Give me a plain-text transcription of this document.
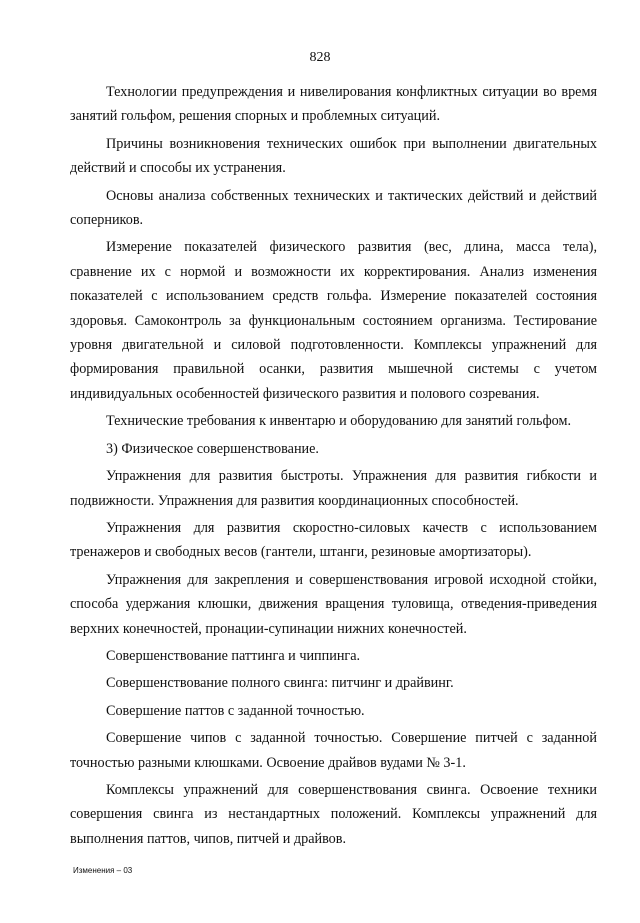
828

Технологии предупреждения и нивелирования конфликтных ситуации во время занятий гольфом, решения спорных и проблемных ситуаций.

Причины возникновения технических ошибок при выполнении двигательных действий и способы их устранения.

Основы анализа собственных технических и тактических действий и действий соперников.

Измерение показателей физического развития (вес, длина, масса тела), сравнение их с нормой и возможности их корректирования. Анализ изменения показателей с использованием средств гольфа. Измерение показателей состояния здоровья. Самоконтроль за функциональным состоянием организма. Тестирование уровня двигательной и силовой подготовленности. Комплексы упражнений для формирования правильной осанки, развития мышечной системы с учетом индивидуальных особенностей физического развития и полового созревания.

Технические требования к инвентарю и оборудованию для занятий гольфом.

3) Физическое совершенствование.

Упражнения для развития быстроты. Упражнения для развития гибкости и подвижности. Упражнения для развития координационных способностей.

Упражнения для развития скоростно-силовых качеств с использованием тренажеров и свободных весов (гантели, штанги, резиновые амортизаторы).

Упражнения для закрепления и совершенствования игровой исходной стойки, способа удержания клюшки, движения вращения туловища, отведения-приведения верхних конечностей, пронации-супинации нижних конечностей.

Совершенствование паттинга и чиппинга.

Совершенствование полного свинга: питчинг и драйвинг.

Совершение паттов с заданной точностью.

Совершение чипов с заданной точностью. Совершение питчей с заданной точностью разными клюшками. Освоение драйвов вудами № 3-1.

Комплексы упражнений для совершенствования свинга. Освоение техники совершения свинга из нестандартных положений. Комплексы упражнений для выполнения паттов, чипов, питчей и драйвов.

Изменения – 03
